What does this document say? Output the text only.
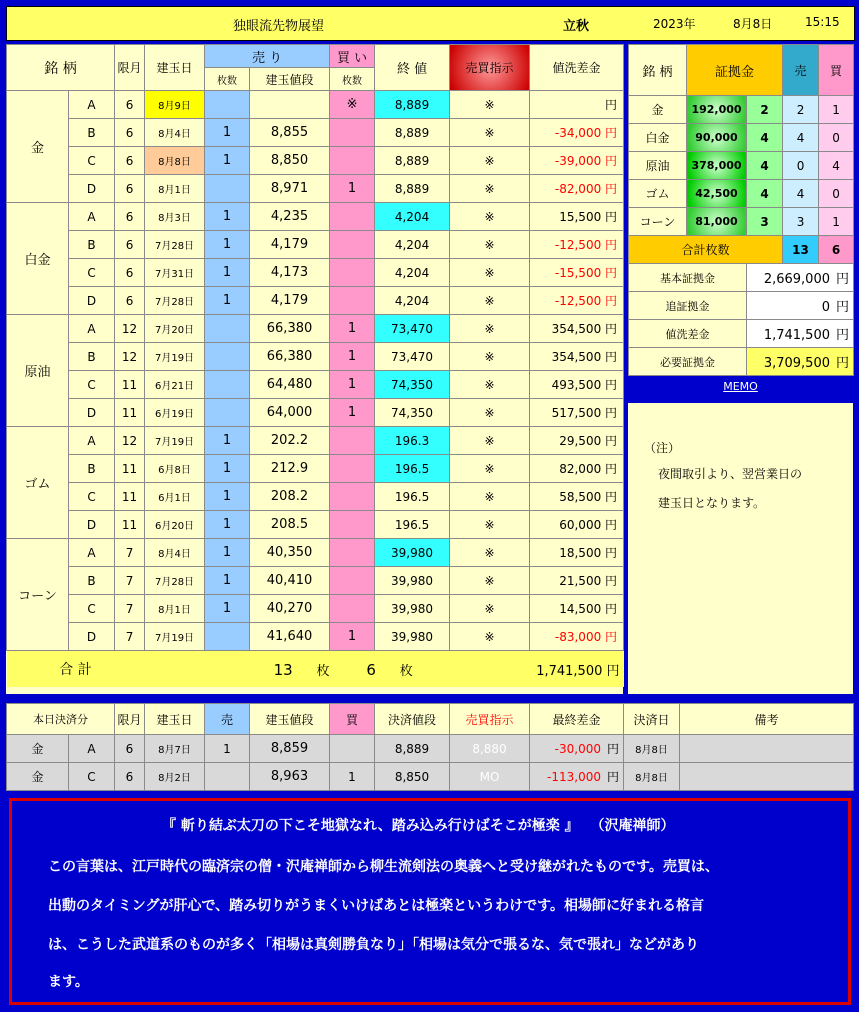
独眼流先物展望	立秋	2023年	8月8日	15:15
銘 柄		限月	建玉日	売 り		買 い	終 値	売買指示	値洗差金
				枚数	建玉値段	枚数			
金	A	6	8月9日			※	8,889	※	円
	B	6	8月4日	1	8,855		8,889	※	-34,000 円
	C	6	8月8日	1	8,850		8,889	※	-39,000 円
	D	6	8月1日		8,971	1	8,889	※	-82,000 円
白金	A	6	8月3日	1	4,235		4,204	※	15,500 円
	B	6	7月28日	1	4,179		4,204	※	-12,500 円
	C	6	7月31日	1	4,173		4,204	※	-15,500 円
	D	6	7月28日	1	4,179		4,204	※	-12,500 円
原油	A	12	7月20日		66,380	1	73,470	※	354,500 円
	B	12	7月19日		66,380	1	73,470	※	354,500 円
	C	11	6月21日		64,480	1	74,350	※	493,500 円
	D	11	6月19日		64,000	1	74,350	※	517,500 円
ゴム	A	12	7月19日	1	202.2		196.3	※	29,500 円
	B	11	6月8日	1	212.9		196.5	※	82,000 円
	C	11	6月1日	1	208.2		196.5	※	58,500 円
	D	11	6月20日	1	208.5		196.5	※	60,000 円
コーン	A	7	8月4日	1	40,350		39,980	※	18,500 円
	B	7	7月28日	1	40,410		39,980	※	21,500 円
	C	7	8月1日	1	40,270		39,980	※	14,500 円
	D	7	7月19日		41,640	1	39,980	※	-83,000 円
合 計			13 枚			6 枚		1,741,500 円	
銘 柄	証拠金		売	買
金	192,000	2	2	1
白金	90,000	4	4	0
原油	378,000	4	0	4
ゴム	42,500	4	4	0
コーン	81,000	3	3	1
合計枚数			13	6
基本証拠金		2,669,000 円		
追証拠金		0 円		
値洗差金		1,741,500 円		
必要証拠金		3,709,500 円		
MEMO
（注）
夜間取引より、翌営業日の
建玉日となります。
本日決済分		限月	建玉日	売	建玉値段	買	決済値段	売買指示	最終差金	決済日	備考
金	A	6	8月7日	1	8,859		8,889	8,880	-30,000 円	8月8日	
金	C	6	8月2日		8,963	1	8,850	MO	-113,000 円	8月8日	
『 斬り結ぶ太刀の下こそ地獄なれ、踏み込み行けばそこが極楽 』　 （沢庵禅師）
この言葉は、江戸時代の臨済宗の僧・沢庵禅師から柳生流剣法の奥義へと受け継がれたものです。売買は、
出動のタイミングが肝心で、踏み切りがうまくいけばあとは極楽というわけです。相場師に好まれる格言
は、こうした武道系のものが多く「相場は真剣勝負なり」「相場は気分で張るな、気で張れ」などがあり
ます。
